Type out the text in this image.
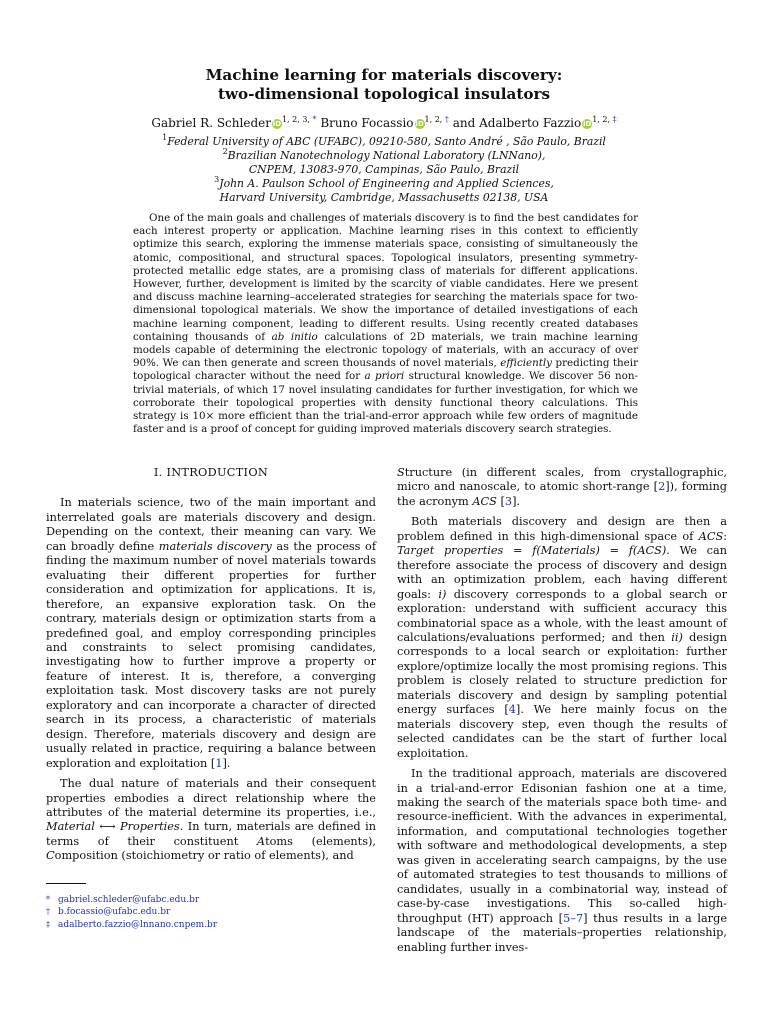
Machine learning for materials discovery:
two-dimensional topological insulators
Gabriel R. Schleder $iD^{1, 2, 3, *}$ Bruno Focassio $iD^{1, 2, \dagger}$ and Adalberto Fazzio $iD^{1, 2, \ddagger}$
$^1$Federal University of ABC (UFABC), 09210-580, Santo André , São Paulo, Brazil
$^2$Brazilian Nanotechnology National Laboratory (LNNano),
CNPEM, 13083-970, Campinas, São Paulo, Brazil
$^3$John A. Paulson School of Engineering and Applied Sciences,
Harvard University, Cambridge, Massachusetts 02138, USA

One of the main goals and challenges of materials discovery is to find the best candidates for each interest property or application. Machine learning rises in this context to efficiently optimize this search, exploring the immense materials space, consisting of simultaneously the atomic, compositional, and structural spaces. Topological insulators, presenting symmetry-protected metallic edge states, are a promising class of materials for different applications. However, further, development is limited by the scarcity of viable candidates. Here we present and discuss machine learning–accelerated strategies for searching the materials space for two-dimensional topological materials. We show the importance of detailed investigations of each machine learning component, leading to different results. Using recently created databases containing thousands of ab initio calculations of 2D materials, we train machine learning models capable of determining the electronic topology of materials, with an accuracy of over 90%. We can then generate and screen thousands of novel materials, efficiently predicting their topological character without the need for a priori structural knowledge. We discover 56 non-trivial materials, of which 17 novel insulating candidates for further investigation, for which we corroborate their topological properties with density functional theory calculations. This strategy is 10× more efficient than the trial-and-error approach while few orders of magnitude faster and is a proof of concept for guiding improved materials discovery search strategies.

I. INTRODUCTION

In materials science, two of the main important and interrelated goals are materials discovery and design. Depending on the context, their meaning can vary. We can broadly define materials discovery as the process of finding the maximum number of novel materials towards evaluating their different properties for further consideration and optimization for applications. It is, therefore, an expansive exploration task. On the contrary, materials design or optimization starts from a predefined goal, and employ corresponding principles and constraints to select promising candidates, investigating how to further improve a property or feature of interest. It is, therefore, a converging exploitation task. Most discovery tasks are not purely exploratory and can incorporate a character of directed search in its process, a characteristic of materials design. Therefore, materials discovery and design are usually related in practice, requiring a balance between exploration and exploitation [1].

The dual nature of materials and their consequent properties embodies a direct relationship where the attributes of the material determine its properties, i.e., Material ⟷ Properties. In turn, materials are defined in terms of their constituent Atoms (elements), Composition (stoichiometry or ratio of elements), and

Structure (in different scales, from crystallographic, micro and nanoscale, to atomic short-range [2]), forming the acronym ACS [3].

Both materials discovery and design are then a problem defined in this high-dimensional space of ACS: Target properties = f(Materials) = f(ACS). We can therefore associate the process of discovery and design with an optimization problem, each having different goals: i) discovery corresponds to a global search or exploration: understand with sufficient accuracy this combinatorial space as a whole, with the least amount of calculations/evaluations performed; and then ii) design corresponds to a local search or exploitation: further explore/optimize locally the most promising regions. This problem is closely related to structure prediction for materials discovery and design by sampling potential energy surfaces [4]. We here mainly focus on the materials discovery step, even though the results of selected candidates can be the start of further local exploitation.

In the traditional approach, materials are discovered in a trial-and-error Edisonian fashion one at a time, making the search of the materials space both time- and resource-inefficient. With the advances in experimental, information, and computational technologies together with software and methodological developments, a step was given in accelerating search campaigns, by the use of automated strategies to test thousands to millions of candidates, usually in a combinatorial way, instead of case-by-case investigations. This so-called high-throughput (HT) approach [5–7] thus results in a large landscape of the materials–properties relationship, enabling further inves-

* gabriel.schleder@ufabc.edu.br
† b.focassio@ufabc.edu.br
‡ adalberto.fazzio@lnnano.cnpem.br
